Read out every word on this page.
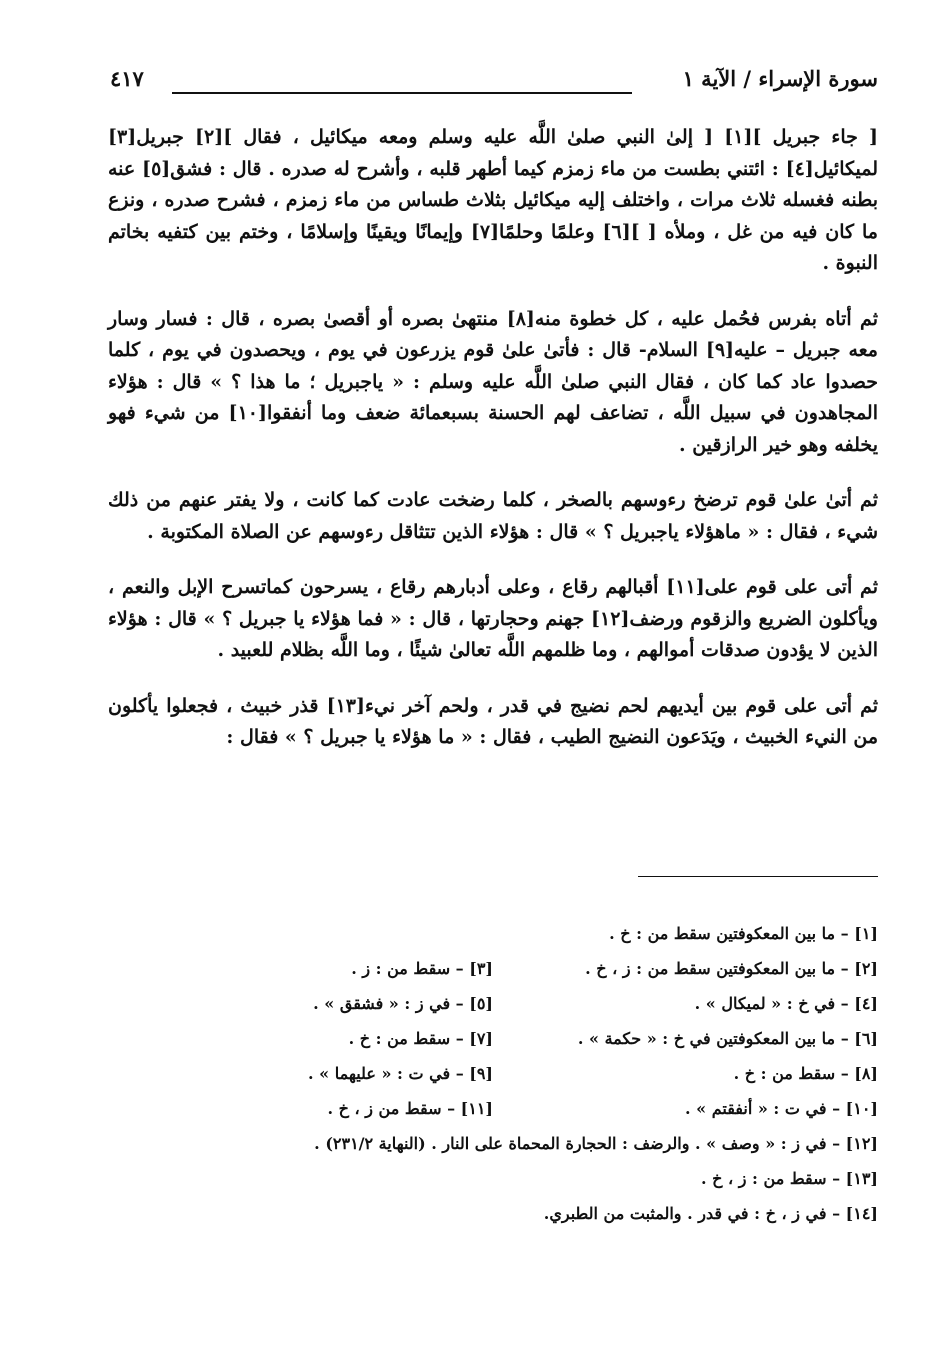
سورة الإسراء / الآية ١
٤١٧

[ جاء جبريل ][١] [ إلىٰ النبي صلىٰ اللَّه عليه وسلم ومعه ميكائيل ، فقال ][٢] جبريل[٣] لميكائيل[٤] : ائتني بطست من ماء زمزم كيما أطهر قلبه ، وأشرح له صدره . قال : فشق[٥] عنه بطنه فغسله ثلاث مرات ، واختلف إليه ميكائيل بثلاث طساس من ماء زمزم ، فشرح صدره ، ونزع ما كان فيه من غل ، وملأه [ ][٦] وعلمًا وحلمًا[٧] وإيمانًا ويقينًا وإسلامًا ، وختم بين كتفيه بخاتم النبوة .

ثم أتاه بفرس فحُمل عليه ، كل خطوة منه[٨] منتهىٰ بصره أو أقصىٰ بصره ، قال : فسار وسار معه جبريل – عليه[٩] السلام- قال : فأتىٰ علىٰ قوم يزرعون في يوم ، ويحصدون في يوم ، كلما حصدوا عاد كما كان ، فقال النبي صلىٰ اللَّه عليه وسلم : « ياجبريل ؛ ما هذا ؟ » قال : هؤلاء المجاهدون في سبيل اللَّه ، تضاعف لهم الحسنة بسبعمائة ضعف وما أنفقوا[١٠] من شيء فهو يخلفه وهو خير الرازقين .

ثم أتىٰ علىٰ قوم ترضخ رءوسهم بالصخر ، كلما رضخت عادت كما كانت ، ولا يفتر عنهم من ذلك شيء ، فقال : « ماهؤلاء ياجبريل ؟ » قال : هؤلاء الذين تتثاقل رءوسهم عن الصلاة المكتوبة .

ثم أتى على قوم على[١١] أقبالهم رقاع ، وعلى أدبارهم رقاع ، يسرحون كماتسرح الإبل والنعم ، ويأكلون الضريع والزقوم ورضف[١٢] جهنم وحجارتها ، قال : « فما هؤلاء يا جبريل ؟ » قال : هؤلاء الذين لا يؤدون صدقات أموالهم ، وما ظلمهم اللَّه تعالىٰ شيئًا ، وما اللَّه بظلام للعبيد .

ثم أتى على قوم بين أيديهم لحم نضيج في قدر ، ولحم آخر نيء[١٣] قذر خبيث ، فجعلوا يأكلون من النيء الخبيث ، ويَدَعون النضيج الطيب ، فقال : « ما هؤلاء يا جبريل ؟ » فقال :

[١] – ما بين المعكوفتين سقط من : خ .
[٢] – ما بين المعكوفتين سقط من : ز ، خ .
[٣] – سقط من : ز .
[٤] – في خ : « لميكال » .
[٥] – في ز : « فشقق » .
[٦] – ما بين المعكوفتين في خ : « حكمة » .
[٧] – سقط من : خ .
[٨] – سقط من : خ .
[٩] – في ت : « عليهما » .
[١٠] – في ت : « أنفقتم » .
[١١] – سقط من ز ، خ .
[١٢] – في ز : « وصف » . والرضف : الحجارة المحماة على النار . (النهاية ٢٣١/٢) .
[١٣] – سقط من : ز ، خ .
[١٤] – في ز ، خ : في قدر . والمثبت من الطبري.
